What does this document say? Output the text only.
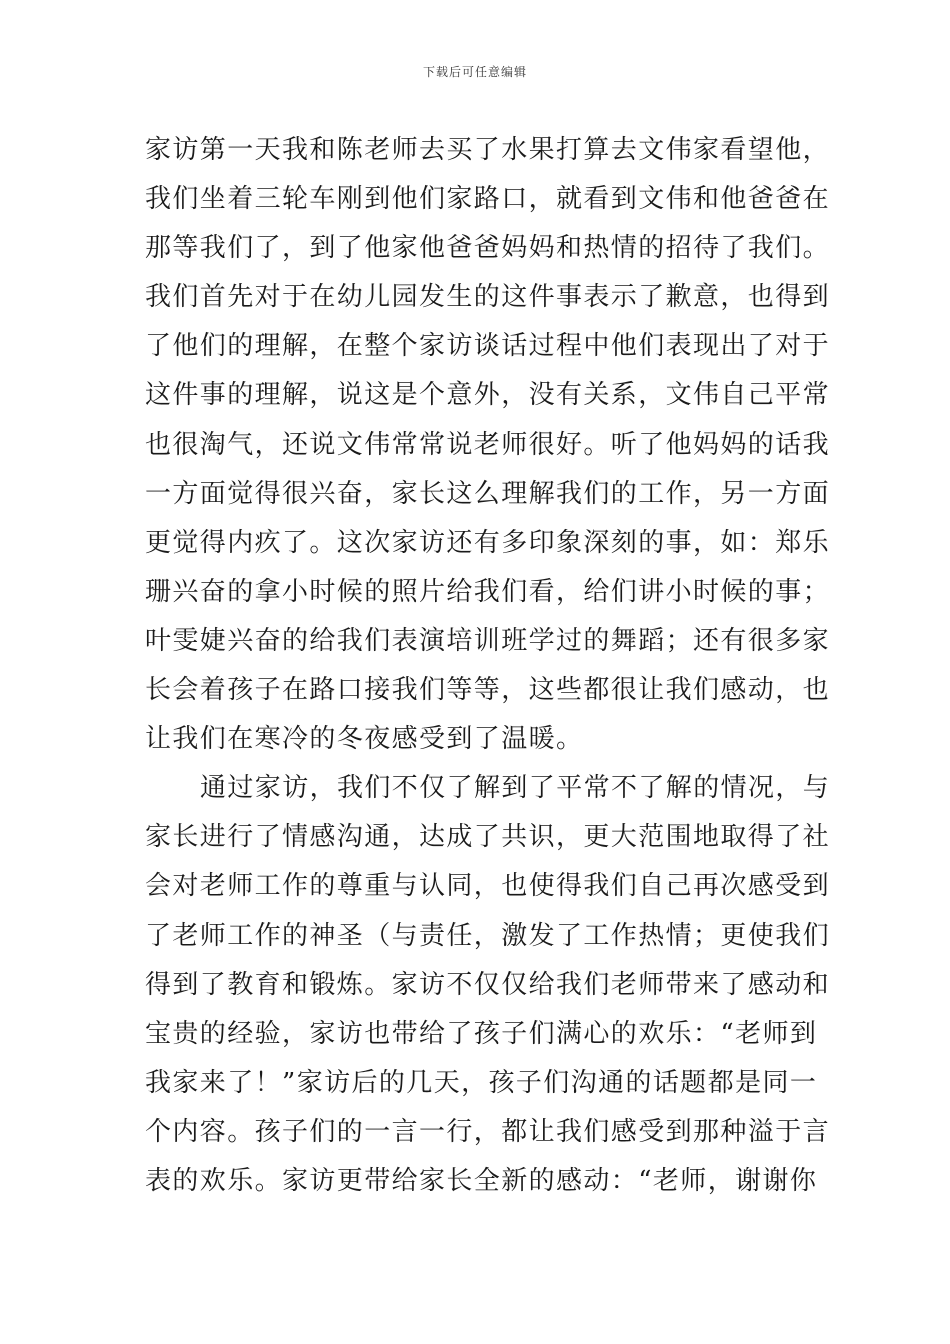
下载后可任意编辑
家访第一天我和陈老师去买了水果打算去文伟家看望他，
我们坐着三轮车刚到他们家路口，就看到文伟和他爸爸在
那等我们了，到了他家他爸爸妈妈和热情的招待了我们。
我们首先对于在幼儿园发生的这件事表示了歉意，也得到
了他们的理解，在整个家访谈话过程中他们表现出了对于
这件事的理解，说这是个意外，没有关系，文伟自己平常
也很淘气，还说文伟常常说老师很好。听了他妈妈的话我
一方面觉得很兴奋，家长这么理解我们的工作，另一方面
更觉得内疚了。这次家访还有多印象深刻的事，如：郑乐
珊兴奋的拿小时候的照片给我们看，给们讲小时候的事；
叶雯婕兴奋的给我们表演培训班学过的舞蹈；还有很多家
长会着孩子在路口接我们等等，这些都很让我们感动，也
让我们在寒冷的冬夜感受到了温暖。
通过家访，我们不仅了解到了平常不了解的情况，与
家长进行了情感沟通，达成了共识，更大范围地取得了社
会对老师工作的尊重与认同，也使得我们自己再次感受到
了老师工作的神圣（与责任，激发了工作热情；更使我们
得到了教育和锻炼。家访不仅仅给我们老师带来了感动和
宝贵的经验，家访也带给了孩子们满心的欢乐：“老师到
我家来了！”家访后的几天，孩子们沟通的话题都是同一
个内容。孩子们的一言一行，都让我们感受到那种溢于言
表的欢乐。家访更带给家长全新的感动：“老师，谢谢你
